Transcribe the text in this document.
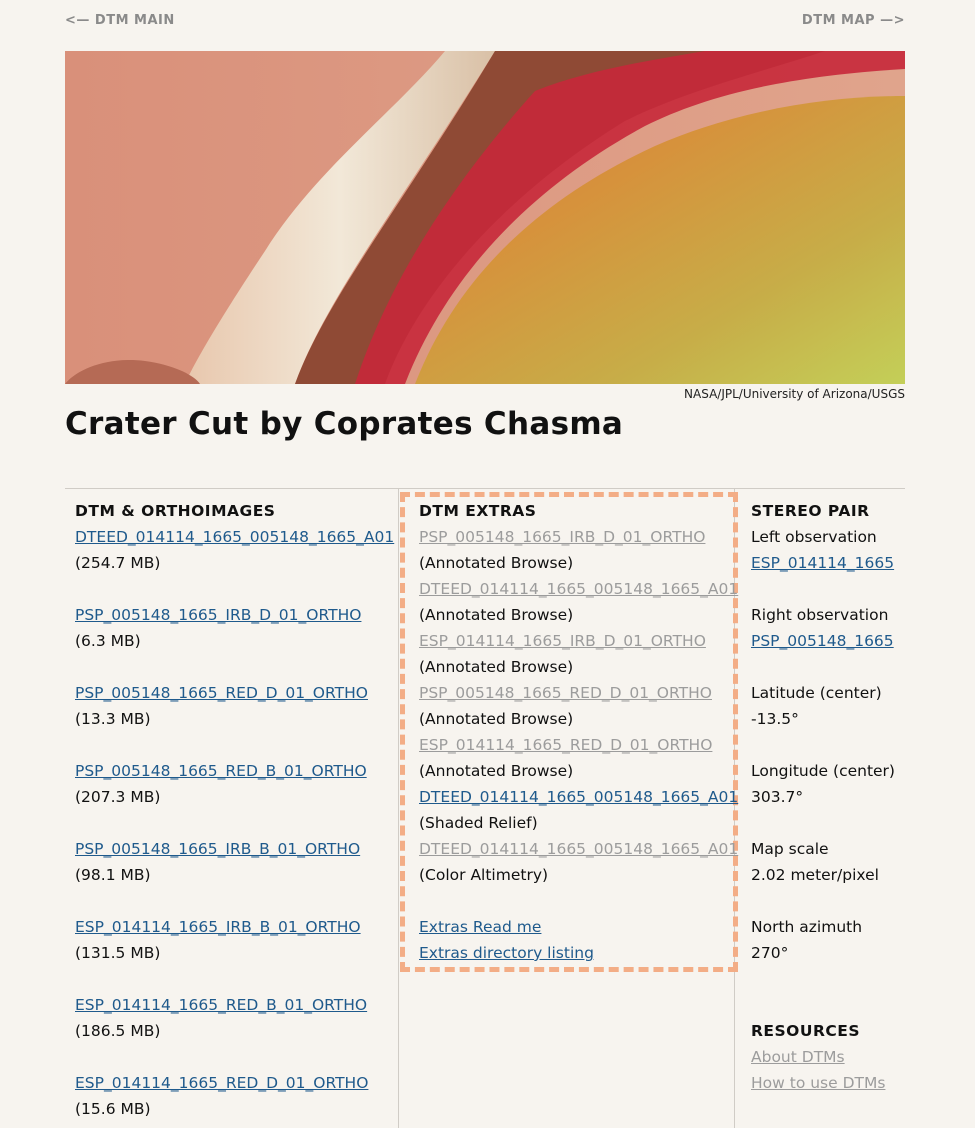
<— DTM MAIN	DTM MAP —>
NASA/JPL/University of Arizona/USGS
Crater Cut by Coprates Chasma
DTM & ORTHOIMAGES
DTEED_014114_1665_005148_1665_A01
(254.7 MB)
PSP_005148_1665_IRB_D_01_ORTHO
(6.3 MB)
PSP_005148_1665_RED_D_01_ORTHO
(13.3 MB)
PSP_005148_1665_RED_B_01_ORTHO
(207.3 MB)
PSP_005148_1665_IRB_B_01_ORTHO
(98.1 MB)
ESP_014114_1665_IRB_B_01_ORTHO
(131.5 MB)
ESP_014114_1665_RED_B_01_ORTHO
(186.5 MB)
ESP_014114_1665_RED_D_01_ORTHO
(15.6 MB)
DTM EXTRAS
PSP_005148_1665_IRB_D_01_ORTHO
(Annotated Browse)
DTEED_014114_1665_005148_1665_A01
(Annotated Browse)
ESP_014114_1665_IRB_D_01_ORTHO
(Annotated Browse)
PSP_005148_1665_RED_D_01_ORTHO
(Annotated Browse)
ESP_014114_1665_RED_D_01_ORTHO
(Annotated Browse)
DTEED_014114_1665_005148_1665_A01
(Shaded Relief)
DTEED_014114_1665_005148_1665_A01
(Color Altimetry)
Extras Read me
Extras directory listing
STEREO PAIR
Left observation
ESP_014114_1665
Right observation
PSP_005148_1665
Latitude (center)
-13.5°
Longitude (center)
303.7°
Map scale
2.02 meter/pixel
North azimuth
270°
RESOURCES
About DTMs
How to use DTMs
